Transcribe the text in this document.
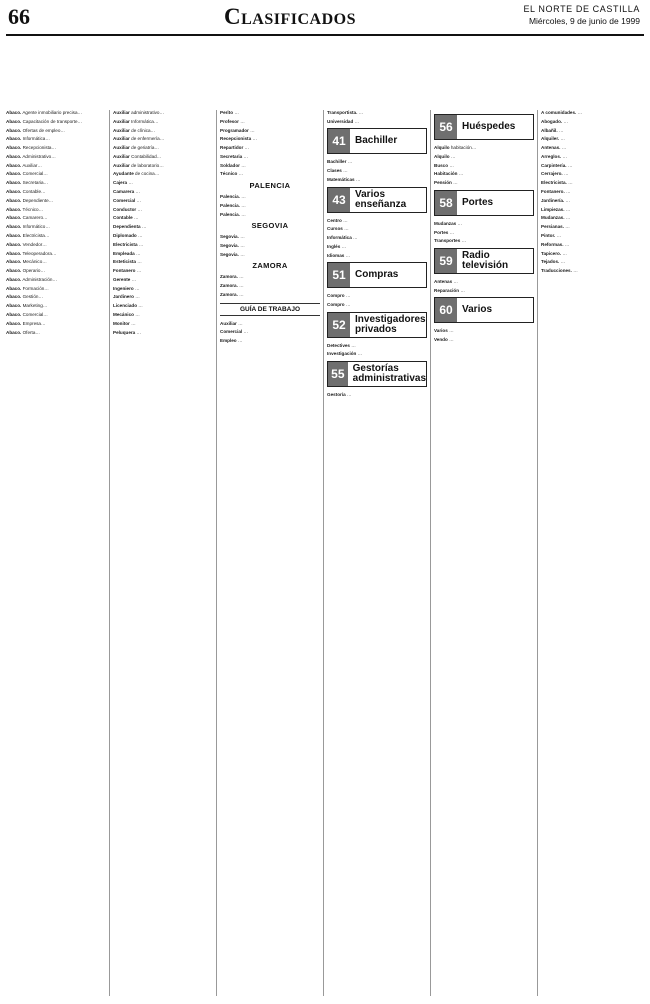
66	Clasificados	EL NORTE DE CASTILLA
Miércoles, 9 de junio de 1999

Abaco. Agente inmobiliario precisa…

Abaco. Capacitación de transporte…

Abaco. Ofertas de empleo…

Abaco. Informática…

Abaco. Recepcionista…

Abaco. Administrativo…

Abaco. Auxiliar…

Abaco. Comercial…

Abaco. Secretaria…

Abaco. Contable…

Abaco. Dependiente…

Abaco. Técnico…

Abaco. Camarero…

Abaco. Informático…

Abaco. Electricista…

Abaco. Vendedor…

Abaco. Teleoperadora…

Abaco. Mecánico…

Abaco. Operario…

Abaco. Administración…

Abaco. Formación…

Abaco. Gestión…

Abaco. Marketing…

Abaco. Comercial…

Abaco. Empresa…

Abaco. Oferta…

Auxiliar administrativo…

Auxiliar Informática…

Auxiliar de clínica…

Auxiliar de enfermería…

Auxiliar de geriatría…

Auxiliar Contabilidad…

Auxiliar de laboratorio…

Ayudante de cocina…

Cajera …

Camarera …

Comercial …

Conductor …

Contable …

Dependienta …

Diplomado …

Electricista …

Empleada …

Esteticista …

Fontanero …

Gerente …

Ingeniero …

Jardinero …

Licenciado …

Mecánico …

Monitor …

Peluquera …

Perito …

Profesor …

Programador …

Recepcionista …

Repartidor …

Secretaria …

Soldador …

Técnico …

PALENCIA

Palencia. …

Palencia. …

Palencia. …

SEGOVIA

Segovia. …

Segovia. …

Segovia. …

ZAMORA

Zamora. …

Zamora. …

Zamora. …

GUÍA DE TRABAJO

Auxiliar …

Comercial …

Empleo …

Transportista. …

Universidad …

41 Bachiller

Bachiller …

Clases …

Matemáticas …

43 Varios enseñanza

Centro …

Cursos …

Informática …

Inglés …

Idiomas …

51 Compras

Compro …

Compro …

52 Investigadores privados

Detectives …

Investigación …

55 Gestorías administrativas

Gestoría …

56 Huéspedes

Alquilo habitación…

Alquilo …

Busco …

Habitación …

Pensión …

58 Portes

Mudanzas …

Portes …

Transportes …

59 Radio televisión

Antenas …

Reparación …

60 Varios

Varios …

Vendo …

A comunidades. …

Abogado. …

Albañil. …

Alquiler. …

Antenas. …

Arreglos. …

Carpintería. …

Cerrajero. …

Electricista. …

Fontanero. …

Jardinería. …

Limpiezas. …

Mudanzas. …

Persianas. …

Pintor. …

Reformas. …

Tapicero. …

Tejados. …

Traducciones. …
